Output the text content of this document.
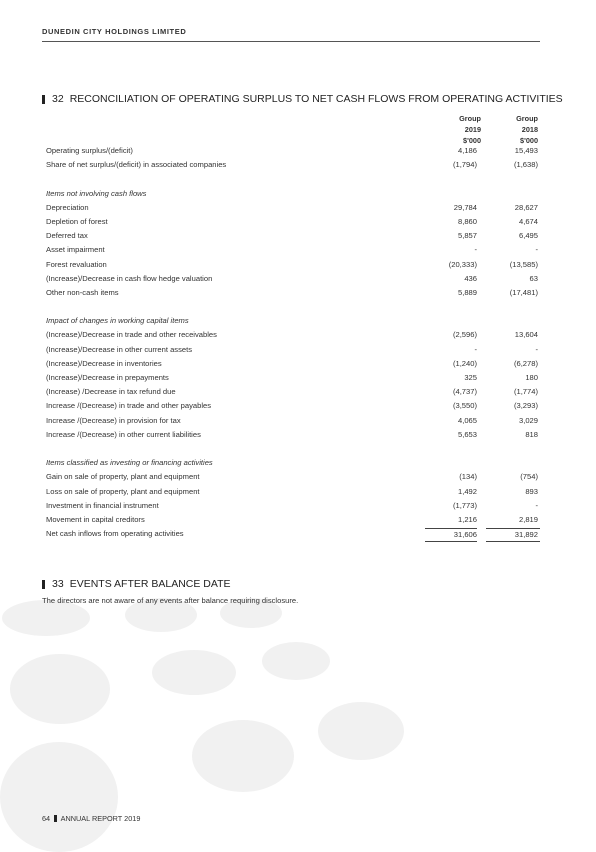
DUNEDIN CITY HOLDINGS LIMITED
32 RECONCILIATION OF OPERATING SURPLUS TO NET CASH FLOWS FROM OPERATING ACTIVITIES
Group
2019
$'000
Group
2018
$'000
Operating surplus/(deficit)	4,186	15,493
Share of net surplus/(deficit) in associated companies	(1,794)	(1,638)
Items not involving cash flows
Depreciation	29,784	28,627
Depletion of forest	8,860	4,674
Deferred tax	5,857	6,495
Asset impairment	-	-
Forest revaluation	(20,333)	(13,585)
(Increase)/Decrease in cash flow hedge valuation	436	63
Other non-cash items	5,889	(17,481)
Impact of changes in working capital items
(Increase)/Decrease in trade and other receivables	(2,596)	13,604
(Increase)/Decrease in other current assets	-	-
(Increase)/Decrease in inventories	(1,240)	(6,278)
(Increase)/Decrease in prepayments	325	180
(Increase) /Decrease in tax refund due	(4,737)	(1,774)
Increase /(Decrease) in trade and other payables	(3,550)	(3,293)
Increase /(Decrease) in provision for tax	4,065	3,029
Increase /(Decrease) in other current liabilities	5,653	818
Items classified as investing or financing activities
Gain on sale of property, plant and equipment	(134)	(754)
Loss on sale of property, plant and equipment	1,492	893
Investment in financial instrument	(1,773)	-
Movement in capital creditors	1,216	2,819
Net cash inflows from operating activities	31,606	31,892
33 EVENTS AFTER BALANCE DATE
The directors are not aware of any events after balance requiring disclosure.
64 ANNUAL REPORT 2019
